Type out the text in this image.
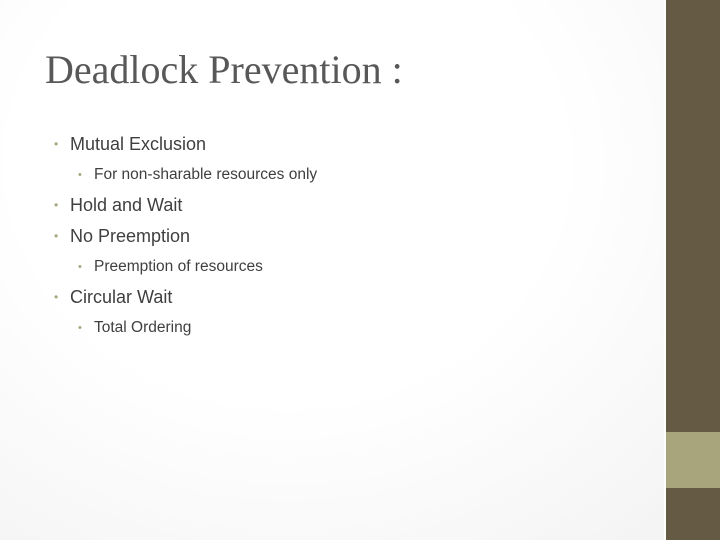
Deadlock Prevention :
• Mutual Exclusion
• For non-sharable resources only
• Hold and Wait
• No Preemption
• Preemption of resources
• Circular Wait
• Total Ordering
